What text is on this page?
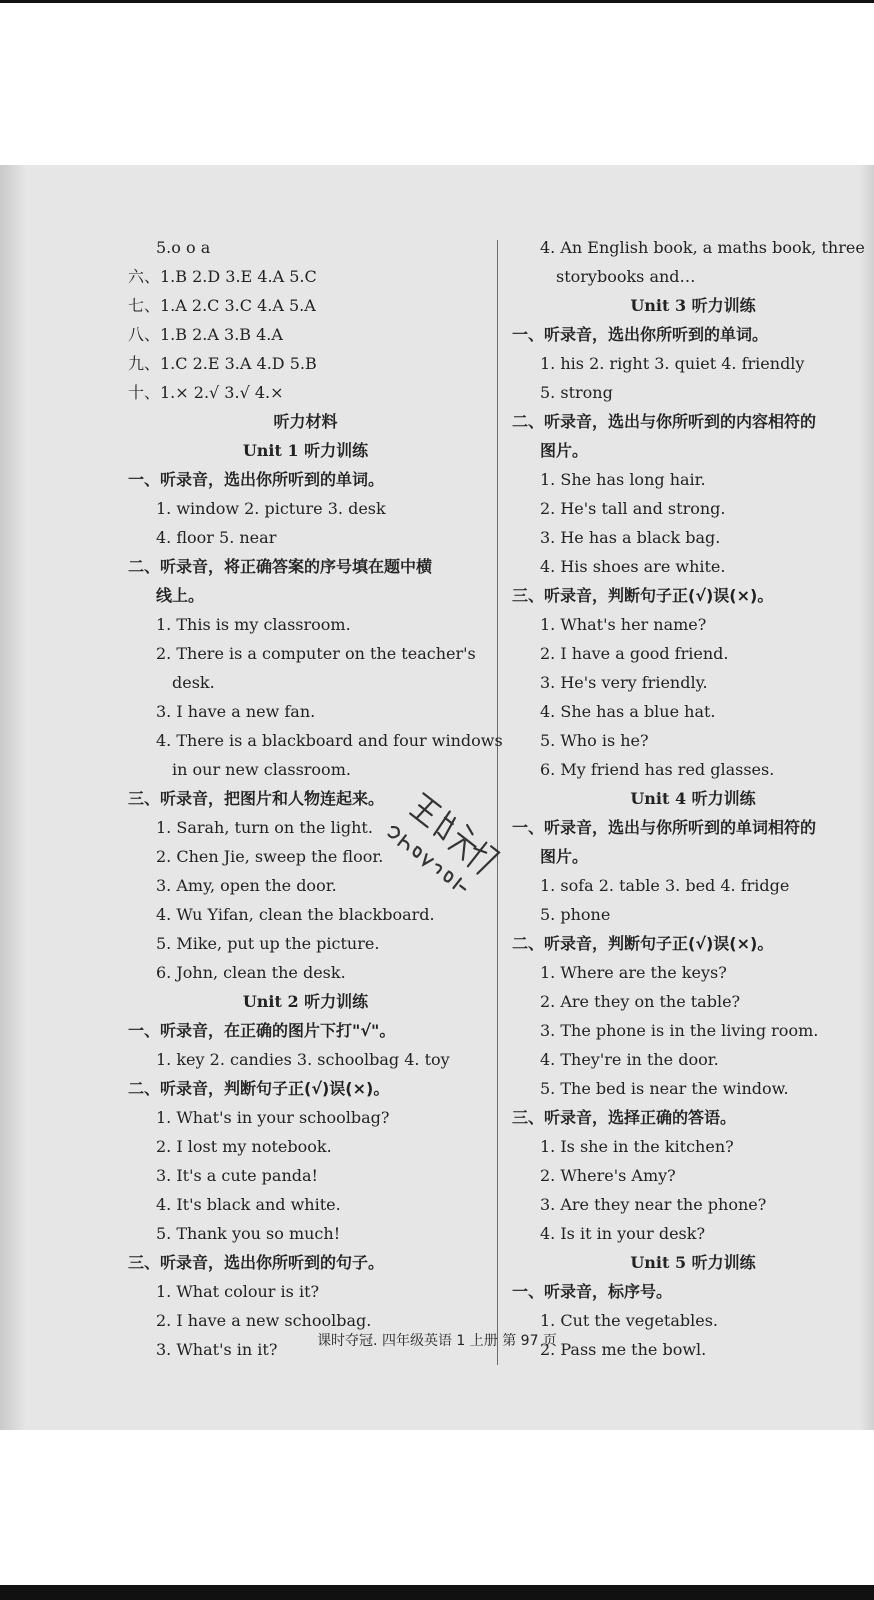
5.o o a
六、1.B 2.D 3.E 4.A 5.C
七、1.A 2.C 3.C 4.A 5.A
八、1.B 2.A 3.B 4.A
九、1.C 2.E 3.A 4.D 5.B
十、1.× 2.√ 3.√ 4.×
听力材料
Unit 1 听力训练
一、听录音，选出你所听到的单词。
1. window 2. picture 3. desk
4. floor 5. near
二、听录音，将正确答案的序号填在题中横
线上。
1. This is my classroom.
2. There is a computer on the teacher's
desk.
3. I have a new fan.
4. There is a blackboard and four windows
in our new classroom.
三、听录音，把图片和人物连起来。
1. Sarah, turn on the light.
2. Chen Jie, sweep the floor.
3. Amy, open the door.
4. Wu Yifan, clean the blackboard.
5. Mike, put up the picture.
6. John, clean the desk.
Unit 2 听力训练
一、听录音，在正确的图片下打"√"。
1. key 2. candies 3. schoolbag 4. toy
二、听录音，判断句子正(√)误(×)。
1. What's in your schoolbag?
2. I lost my notebook.
3. It's a cute panda!
4. It's black and white.
5. Thank you so much!
三、听录音，选出你所听到的句子。
1. What colour is it?
2. I have a new schoolbag.
3. What's in it?
4. An English book, a maths book, three
storybooks and…
Unit 3 听力训练
一、听录音，选出你所听到的单词。
1. his 2. right 3. quiet 4. friendly
5. strong
二、听录音，选出与你所听到的内容相符的
图片。
1. She has long hair.
2. He's tall and strong.
3. He has a black bag.
4. His shoes are white.
三、听录音，判断句子正(√)误(×)。
1. What's her name?
2. I have a good friend.
3. He's very friendly.
4. She has a blue hat.
5. Who is he?
6. My friend has red glasses.
Unit 4 听力训练
一、听录音，选出与你所听到的单词相符的
图片。
1. sofa 2. table 3. bed 4. fridge
5. phone
二、听录音，判断句子正(√)误(×)。
1. Where are the keys?
2. Are they on the table?
3. The phone is in the living room.
4. They're in the door.
5. The bed is near the window.
三、听录音，选择正确的答语。
1. Is she in the kitchen?
2. Where's Amy?
3. Are they near the phone?
4. Is it in your desk?
Unit 5 听力训练
一、听录音，标序号。
1. Cut the vegetables.
2. Pass me the bowl.
课时夺冠. 四年级英语 1 上册 第 97 页
